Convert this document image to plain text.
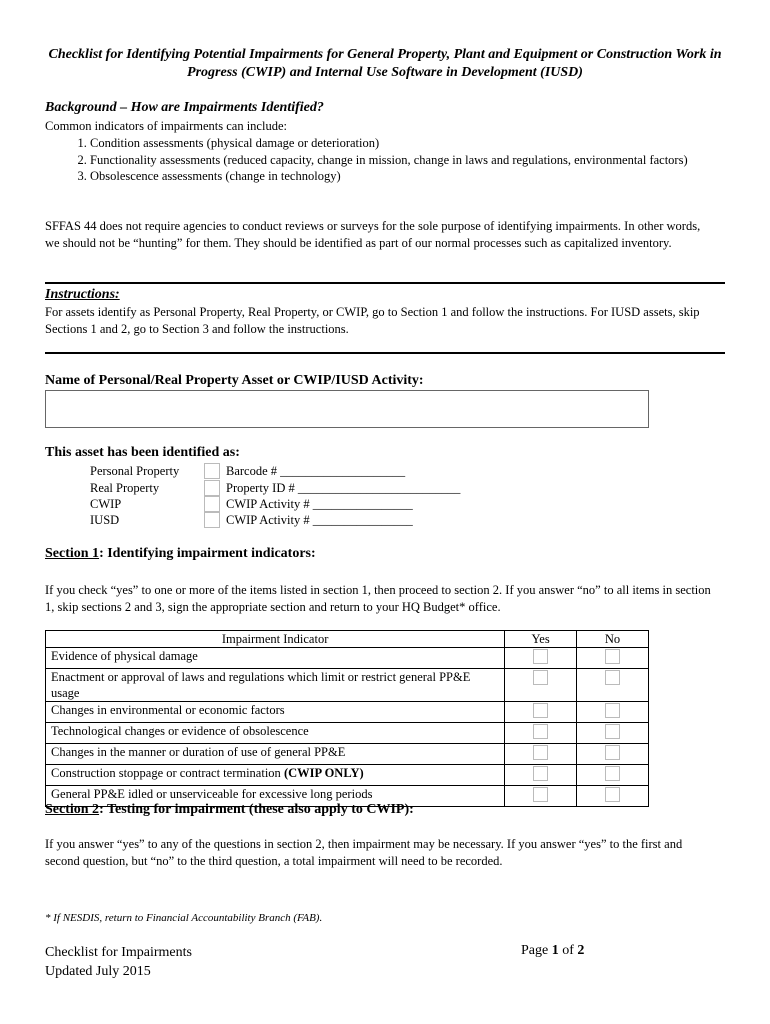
Checklist for Identifying Potential Impairments for General Property, Plant and Equipment or Construction Work in Progress (CWIP) and Internal Use Software in Development (IUSD)
Background – How are Impairments Identified?
Common indicators of impairments can include:
1. Condition assessments (physical damage or deterioration)
2. Functionality assessments (reduced capacity, change in mission, change in laws and regulations, environmental factors)
3. Obsolescence assessments (change in technology)
SFFAS 44 does not require agencies to conduct reviews or surveys for the sole purpose of identifying impairments. In other words, we should not be “hunting” for them. They should be identified as part of our normal processes such as capitalized inventory.
Instructions:
For assets identify as Personal Property, Real Property, or CWIP, go to Section 1 and follow the instructions. For IUSD assets, skip Sections 1 and 2, go to Section 3 and follow the instructions.
Name of Personal/Real Property Asset or CWIP/IUSD Activity:
This asset has been identified as:
Personal Property	Barcode # ____________________
Real Property	Property ID # __________________________
CWIP	CWIP Activity # ________________
IUSD	CWIP Activity # ________________
Section 1: Identifying impairment indicators:
If you check “yes” to one or more of the items listed in section 1, then proceed to section 2. If you answer “no” to all items in section 1, skip sections 2 and 3, sign the appropriate section and return to your HQ Budget* office.
Impairment Indicator	Yes	No
Evidence of physical damage		
Enactment or approval of laws and regulations which limit or restrict general PP&E usage		
Changes in environmental or economic factors		
Technological changes or evidence of obsolescence		
Changes in the manner or duration of use of general PP&E		
Construction stoppage or contract termination (CWIP ONLY)		
General PP&E idled or unserviceable for excessive long periods		
Section 2: Testing for impairment (these also apply to CWIP):
If you answer “yes” to any of the questions in section 2, then impairment may be necessary. If you answer “yes” to the first and second question, but “no” to the third question, a total impairment will need to be recorded.
* If NESDIS, return to Financial Accountability Branch (FAB).
Checklist for Impairments
Updated July 2015
Page 1 of 2
